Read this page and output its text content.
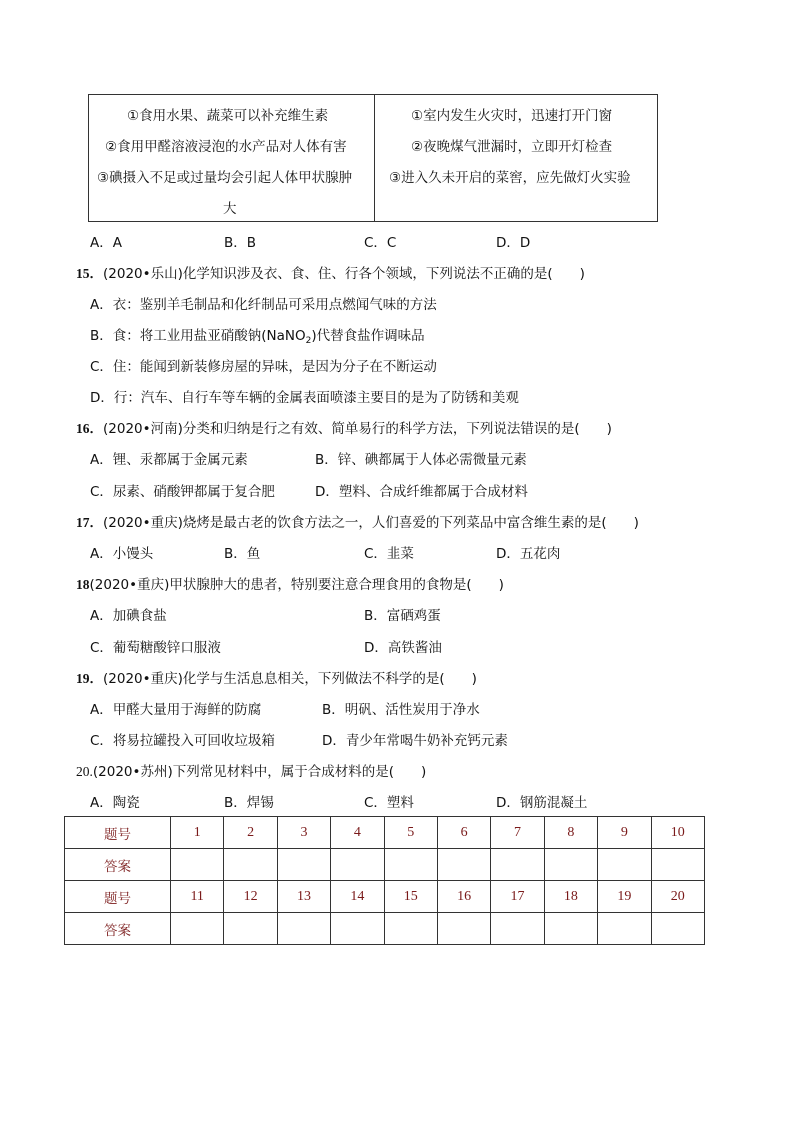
①食用水果、蔬菜可以补充维生素
②食用甲醛溶液浸泡的水产品对人体有害
③碘摄入不足或过量均会引起人体甲状腺肿
大
①室内发生火灾时，迅速打开门窗
②夜晚煤气泄漏时，立即开灯检查
③进入久未开启的菜窖，应先做灯火实验
A．A	B．B	C．C	D．D
15．(2020•乐山)化学知识涉及衣、食、住、行各个领域，下列说法不正确的是(　　)
A．衣：鉴别羊毛制品和化纤制品可采用点燃闻气味的方法
B．食：将工业用盐亚硝酸钠(NaNO$_2$)代替食盐作调味品
C．住：能闻到新装修房屋的异味，是因为分子在不断运动
D．行：汽车、自行车等车辆的金属表面喷漆主要目的是为了防锈和美观
16．(2020•河南)分类和归纳是行之有效、简单易行的科学方法，下列说法错误的是(　　)
A．锂、汞都属于金属元素	B．锌、碘都属于人体必需微量元素
C．尿素、硝酸钾都属于复合肥	D．塑料、合成纤维都属于合成材料
17．(2020•重庆)烧烤是最古老的饮食方法之一，人们喜爱的下列菜品中富含维生素的是(　　)
A．小馒头	B．鱼	C．韭菜	D．五花肉
18(2020•重庆)甲状腺肿大的患者，特别要注意合理食用的食物是(　　)
A．加碘食盐	B．富硒鸡蛋
C．葡萄糖酸锌口服液	D．高铁酱油
19．(2020•重庆)化学与生活息息相关，下列做法不科学的是(　　)
A．甲醛大量用于海鲜的防腐	B．明矾、活性炭用于净水
C．将易拉罐投入可回收垃圾箱	D．青少年常喝牛奶补充钙元素
20.(2020•苏州)下列常见材料中，属于合成材料的是(　　)
A．陶瓷	B．焊锡	C．塑料	D．钢筋混凝土
题号	1	2	3	4	5	6	7	8	9	10
答案										
题号	11	12	13	14	15	16	17	18	19	20
答案										
